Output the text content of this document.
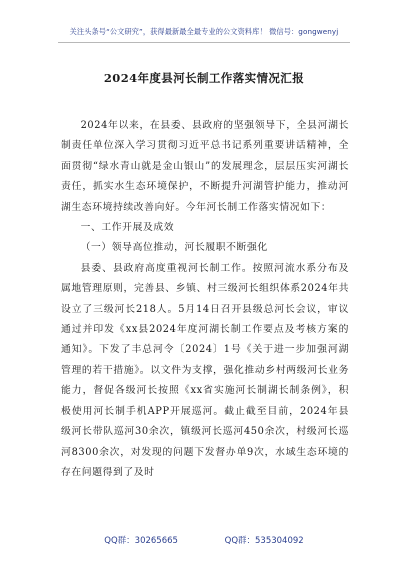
关注头条号“公文研究”，获得最新最全最专业的公文资料库！ 微信号：gongwenyj
2024年度县河长制工作落实情况汇报

2024年以来，在县委、县政府的坚强领导下，全县河湖长制责任单位深入学习贯彻习近平总书记系列重要讲话精神，全面贯彻“绿水青山就是金山银山”的发展理念，层层压实河湖长责任，抓实水生态环境保护，不断提升河湖管护能力，推动河湖生态环境持续改善向好。今年河长制工作落实情况如下：

一、工作开展及成效

（一）领导高位推动，河长履职不断强化

县委、县政府高度重视河长制工作。按照河流水系分布及属地管理原则，完善县、乡镇、村三级河长组织体系2024年共设立了三级河长218人。5月14日召开县级总河长会议，审议通过并印发《xx县2024年度河湖长制工作要点及考核方案的通知》。下发了丰总河令〔2024〕1号《关于进一步加强河湖管理的若干措施》。以文件为支撑，强化推动乡村两级河长业务能力，督促各级河长按照《xx省实施河长制湖长制条例》，积极使用河长制手机APP开展巡河。截止截至目前，2024年县级河长带队巡河30余次，镇级河长巡河450余次，村级河长巡河8300余次，对发现的问题下发督办单9次，水域生态环境的存在问题得到了及时

QQ群：30265665	QQ群：535304092
